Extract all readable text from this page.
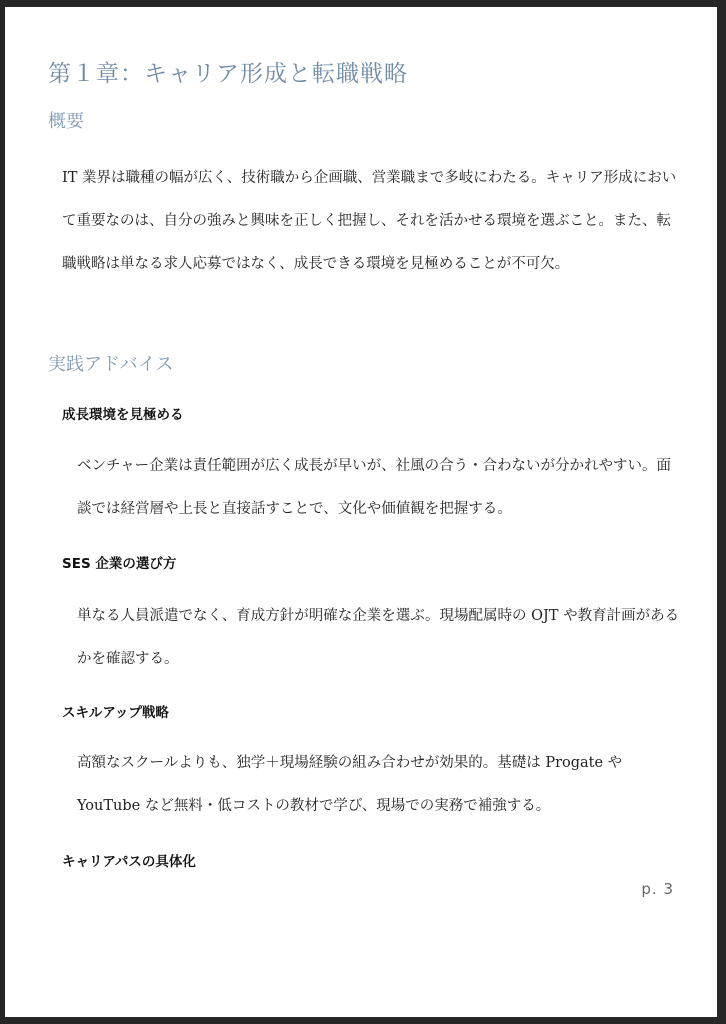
第１章：キャリア形成と転職戦略
概要

IT 業界は職種の幅が広く、技術職から企画職、営業職まで多岐にわたる。キャリア形成において重要なのは、自分の強みと興味を正しく把握し、それを活かせる環境を選ぶこと。また、転職戦略は単なる求人応募ではなく、成長できる環境を見極めることが不可欠。

実践アドバイス
成長環境を見極める

ベンチャー企業は責任範囲が広く成長が早いが、社風の合う・合わないが分かれやすい。面談では経営層や上長と直接話すことで、文化や価値観を把握する。

SES 企業の選び方

単なる人員派遣でなく、育成方針が明確な企業を選ぶ。現場配属時の OJT や教育計画があるかを確認する。

スキルアップ戦略

高額なスクールよりも、独学＋現場経験の組み合わせが効果的。基礎は Progate や YouTube など無料・低コストの教材で学び、現場での実務で補強する。

キャリアパスの具体化
p. 3
